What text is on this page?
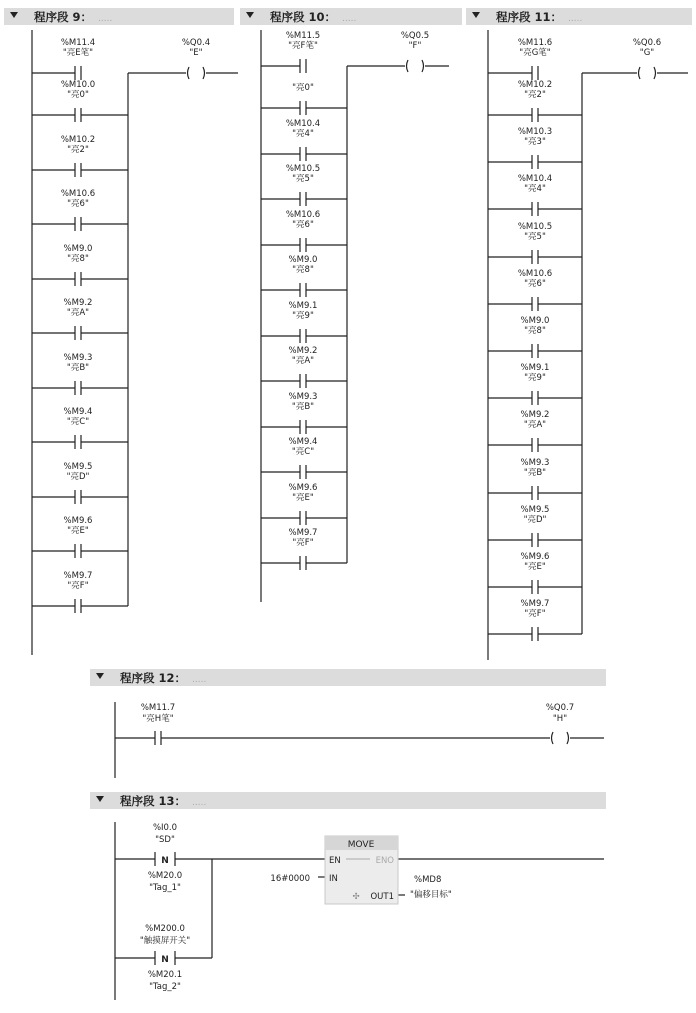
程序段 9： .....	程序段 10： .....	程序段 11： .....
程序段 12： .....
程序段 13： .....
%M11.7
"亮H笔"
%Q0.7
"H"
%I0.0
"SD"
N
%M20.0
"Tag_1"
%M200.0
"触摸屏开关"
N
%M20.1
"Tag_2"
MOVE
EN	ENO
IN
✣ OUT1
16#0000	%MD8
"偏移目标"
%Q0.4
"E"
%M11.4
"亮E笔"
%M10.0
"亮0"
%M10.2
"亮2"
%M10.6
"亮6"
%M9.0
"亮8"
%M9.2
"亮A"
%M9.3
"亮B"
%M9.4
"亮C"
%M9.5
"亮D"
%M9.6
"亮E"
%M9.7
"亮F"
%Q0.5
"F"
%M11.5
"亮F笔"
"亮0"
%M10.4
"亮4"
%M10.5
"亮5"
%M10.6
"亮6"
%M9.0
"亮8"
%M9.1
"亮9"
%M9.2
"亮A"
%M9.3
"亮B"
%M9.4
"亮C"
%M9.6
"亮E"
%M9.7
"亮F"
%Q0.6
"G"
%M11.6
"亮G笔"
%M10.2
"亮2"
%M10.3
"亮3"
%M10.4
"亮4"
%M10.5
"亮5"
%M10.6
"亮6"
%M9.0
"亮8"
%M9.1
"亮9"
%M9.2
"亮A"
%M9.3
"亮B"
%M9.5
"亮D"
%M9.6
"亮E"
%M9.7
"亮F"
